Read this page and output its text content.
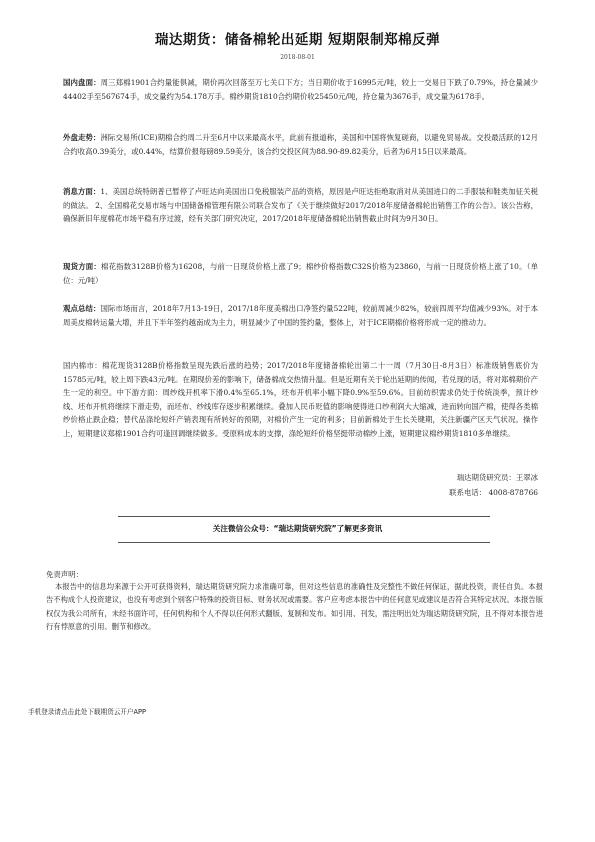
瑞达期货：储备棉轮出延期 短期限制郑棉反弹
2018-08-01

国内盘面：周三郑棉1901合约量能俱减，期价再次回落至万七关口下方；当日期价收于16995元/吨，较上一交易日下跌了0.79%，持仓量减少44402手至567674手，成交量约为54.178万手。棉纱期货1810合约期价收25450元/吨，持仓量为3676手，成交量为6178手。

外盘走势：洲际交易所(ICE)期棉合约周二升至6月中以来最高水平，此前有报道称，美国和中国将恢复磋商，以避免贸易战。交投最活跃的12月合约收高0.39美分，或0.44%，结算价报每磅89.59美分，该合约交投区间为88.90-89.82美分，后者为6月15日以来最高。

消息方面：1、美国总统特朗普已暂停了卢旺达向美国出口免税服装产品的资格，原因是卢旺达拒绝取消对从美国进口的二手服装和鞋类加征关税的做法。 2、全国棉花交易市场与中国储备棉管理有限公司联合发布了《关于继续做好2017/2018年度储备棉轮出销售工作的公告》。该公告称，确保新旧年度棉花市场平稳有序过渡，经有关部门研究决定，2017/2018年度储备棉轮出销售截止时间为9月30日。

现货方面：棉花指数3128B价格为16208，与前一日现货价格上涨了9；棉纱价格指数C32S价格为23860，与前一日现货价格上涨了10。（单位：元/吨）

观点总结：国际市场而言，2018年7月13-19日，2017/18年度美棉出口净签约量522吨，较前周减少82%，较前四周平均值减少93%。对于本周美皮棉转运量大增，并且下半年签约越南成为主力，明显减少了中国的签约量，整体上，对于ICE期棉价格将形成一定的推动力。

国内棉市：棉花现货3128B价格指数呈现先跌后涨的趋势；2017/2018年度储备棉轮出第二十一周（7月30日-8月3日）标准级销售底价为15785元/吨，较上周下跌43元/吨。在期现价差的影响下，储备棉成交热情升温。但是近期有关于轮出延期的传闻，若兑现的话，将对郑棉期价产生一定的利空。中下游方面：周纱线开机率下滑0.4%至65.1%，坯布开机率小幅下降0.9%至59.6%。目前纺织需求仍处于传统淡季，预计纱线、坯布开机将继续下滑走势，而坯布、纱线库存逐步积累继续。叠加人民币贬值的影响使得进口纱利润大大缩减，进而转向国产棉，使得各类棉纱价格止跌企稳；替代品涤纶短纤产销表现有所转好的预期，对棉价产生一定的利多；目前新棉处于生长关键期，关注新疆产区天气状况。操作上，短期建议郑棉1901合约可逢回调继续做多。受原料成本的支撑，涤纶短纤价格坚挺带动棉纱上涨，短期建议棉纱期货1810多单继续。

瑞达期货研究员：王翠冰
联系电话： 4008-878766
关注微信公众号：“瑞达期货研究院”了解更多资讯

免责声明：

本报告中的信息均来源于公开可获得资料，瑞达期货研究院力求准确可靠，但对这些信息的准确性及完整性不做任何保证，据此投资，责任自负。本报告不构成个人投资建议，也没有考虑到个别客户特殊的投资目标、财务状况或需要。客户应考虑本报告中的任何意见或建议是否符合其特定状况。本报告版权仅为我公司所有，未经书面许可，任何机构和个人不得以任何形式翻版、复制和发布。如引用、刊发，需注明出处为瑞达期货研究院，且不得对本报告进行有悖原意的引用、删节和修改。

手机登录请点击此处下载期货云开户APP
